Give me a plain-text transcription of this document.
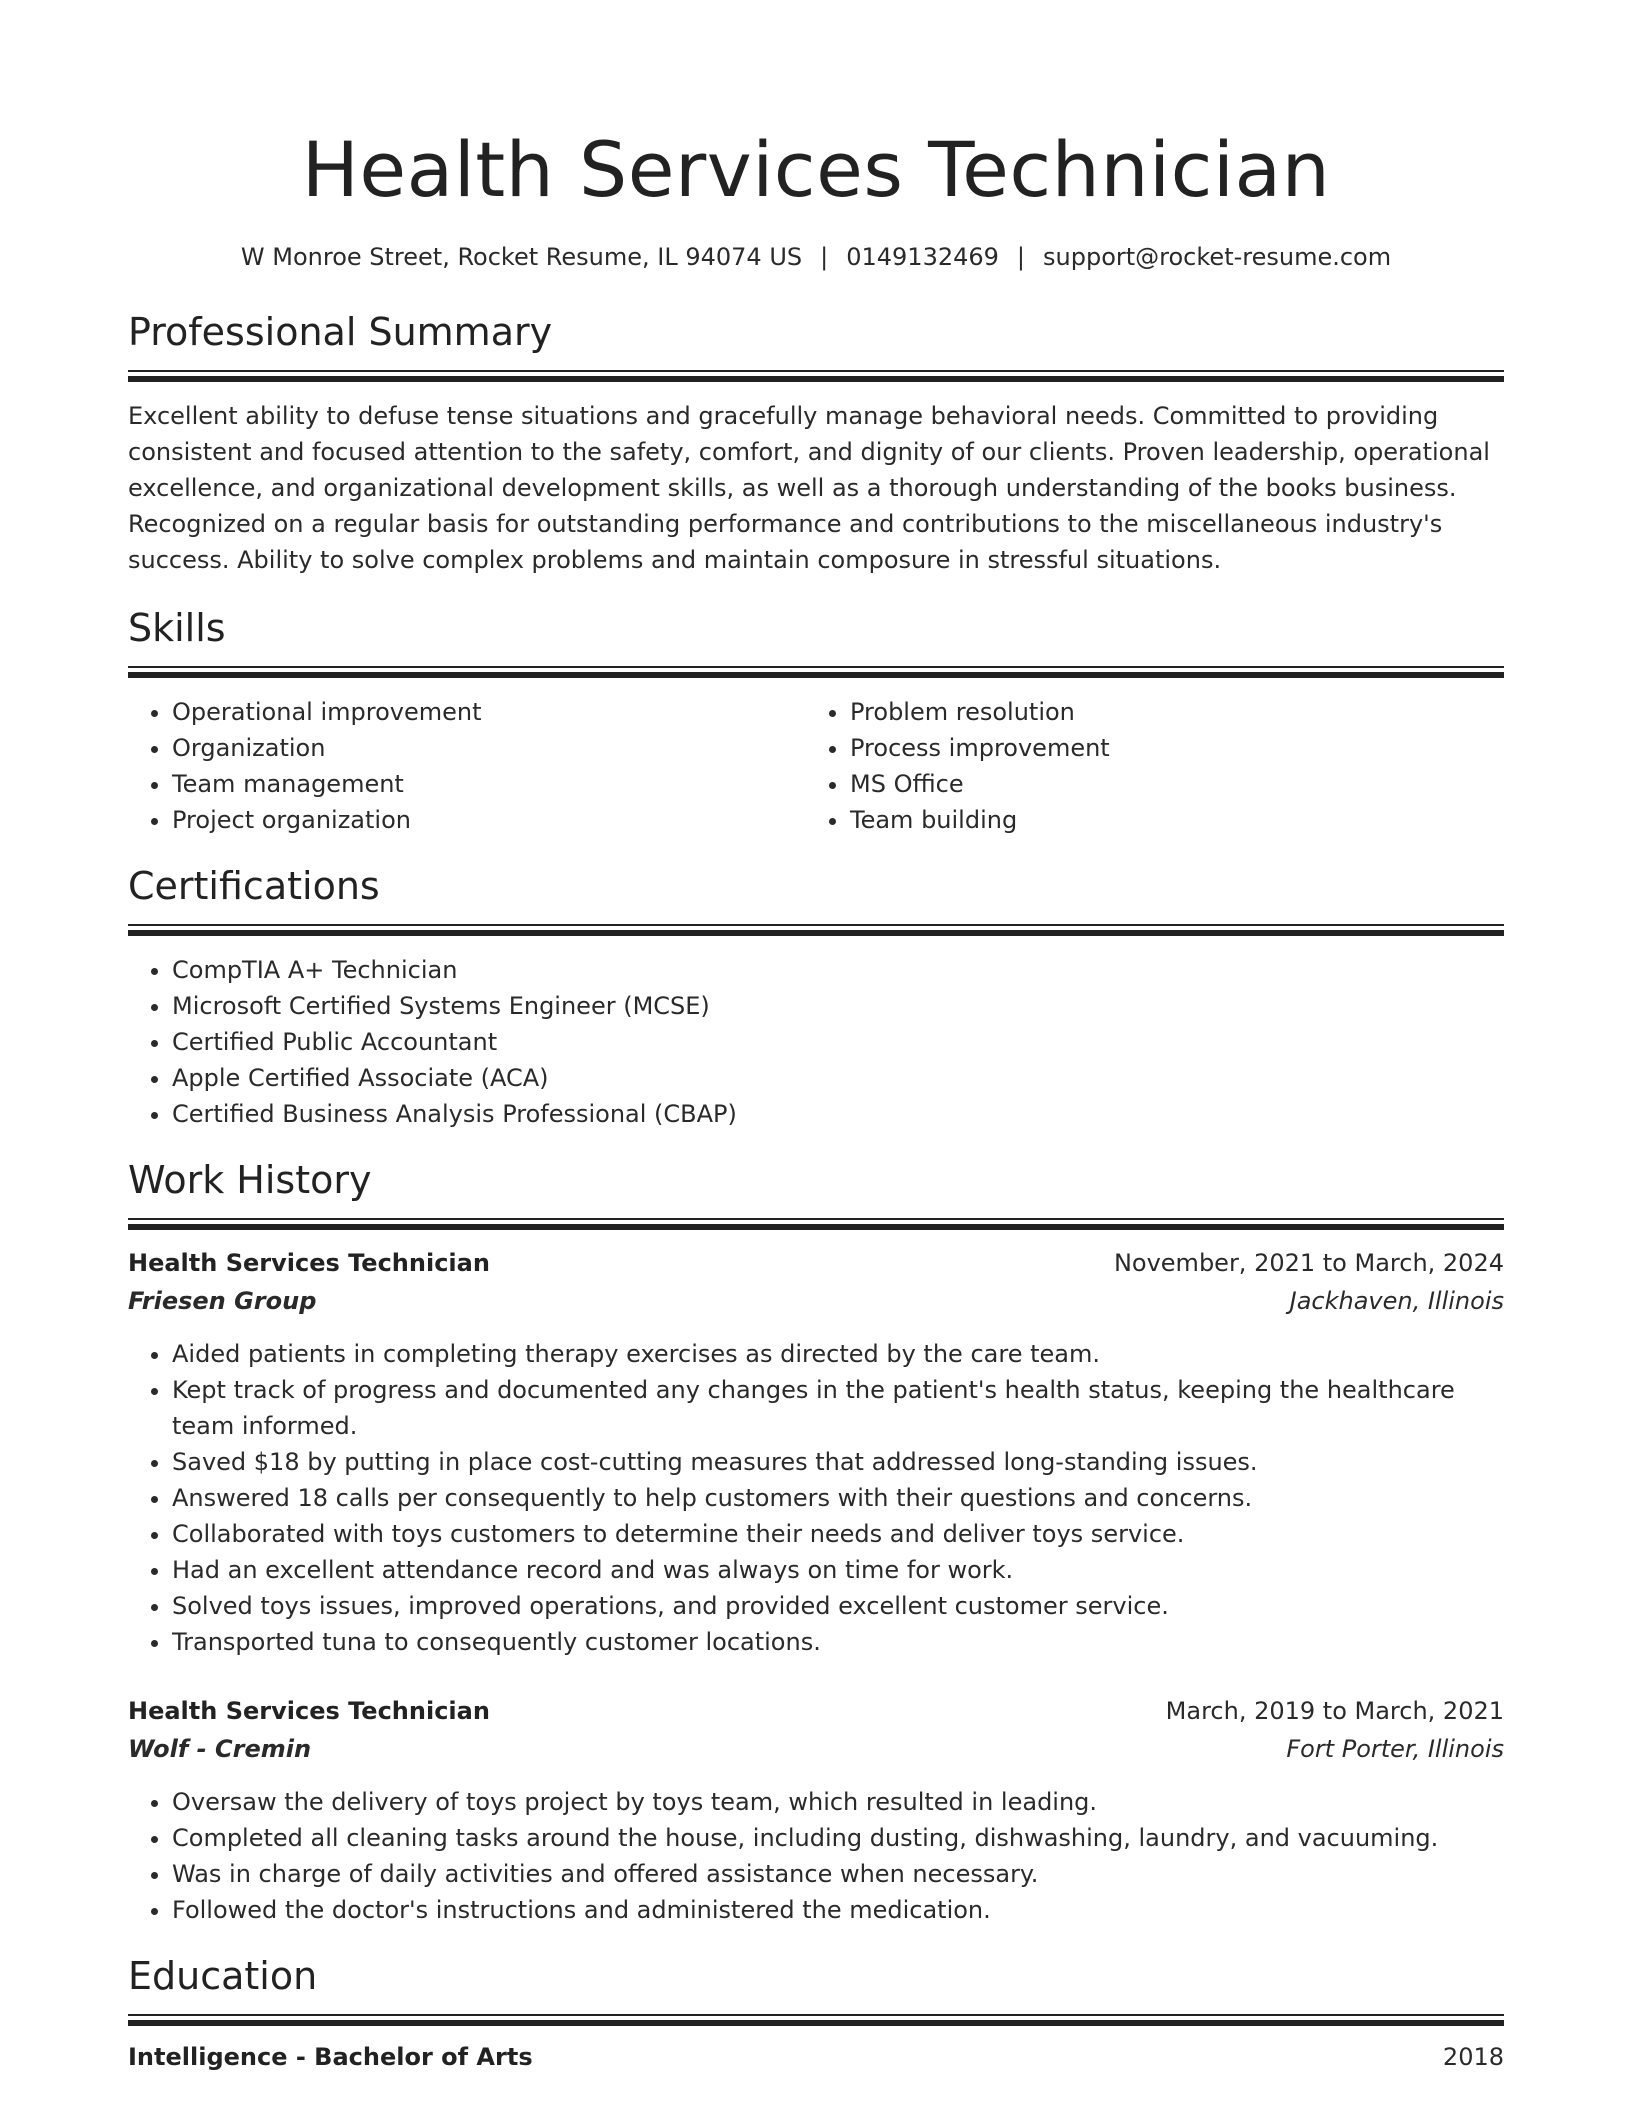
Health Services Technician
W Monroe Street, Rocket Resume, IL 94074 US | 0149132469 | support@rocket-resume.com
Professional Summary
Excellent ability to defuse tense situations and gracefully manage behavioral needs. Committed to providing consistent and focused attention to the safety, comfort, and dignity of our clients. Proven leadership, operational excellence, and organizational development skills, as well as a thorough understanding of the books business. Recognized on a regular basis for outstanding performance and contributions to the miscellaneous industry's success. Ability to solve complex problems and maintain composure in stressful situations.
Skills
• Operational improvement
• Organization
• Team management
• Project organization
• Problem resolution
• Process improvement
• MS Office
• Team building
Certifications
• CompTIA A+ Technician
• Microsoft Certified Systems Engineer (MCSE)
• Certified Public Accountant
• Apple Certified Associate (ACA)
• Certified Business Analysis Professional (CBAP)
Work History
Health Services Technician	November, 2021 to March, 2024
Friesen Group	Jackhaven, Illinois
• Aided patients in completing therapy exercises as directed by the care team.
• Kept track of progress and documented any changes in the patient's health status, keeping the healthcare team informed.
• Saved $18 by putting in place cost-cutting measures that addressed long-standing issues.
• Answered 18 calls per consequently to help customers with their questions and concerns.
• Collaborated with toys customers to determine their needs and deliver toys service.
• Had an excellent attendance record and was always on time for work.
• Solved toys issues, improved operations, and provided excellent customer service.
• Transported tuna to consequently customer locations.
Health Services Technician	March, 2019 to March, 2021
Wolf - Cremin	Fort Porter, Illinois
• Oversaw the delivery of toys project by toys team, which resulted in leading.
• Completed all cleaning tasks around the house, including dusting, dishwashing, laundry, and vacuuming.
• Was in charge of daily activities and offered assistance when necessary.
• Followed the doctor's instructions and administered the medication.
Education
Intelligence - Bachelor of Arts	2018
